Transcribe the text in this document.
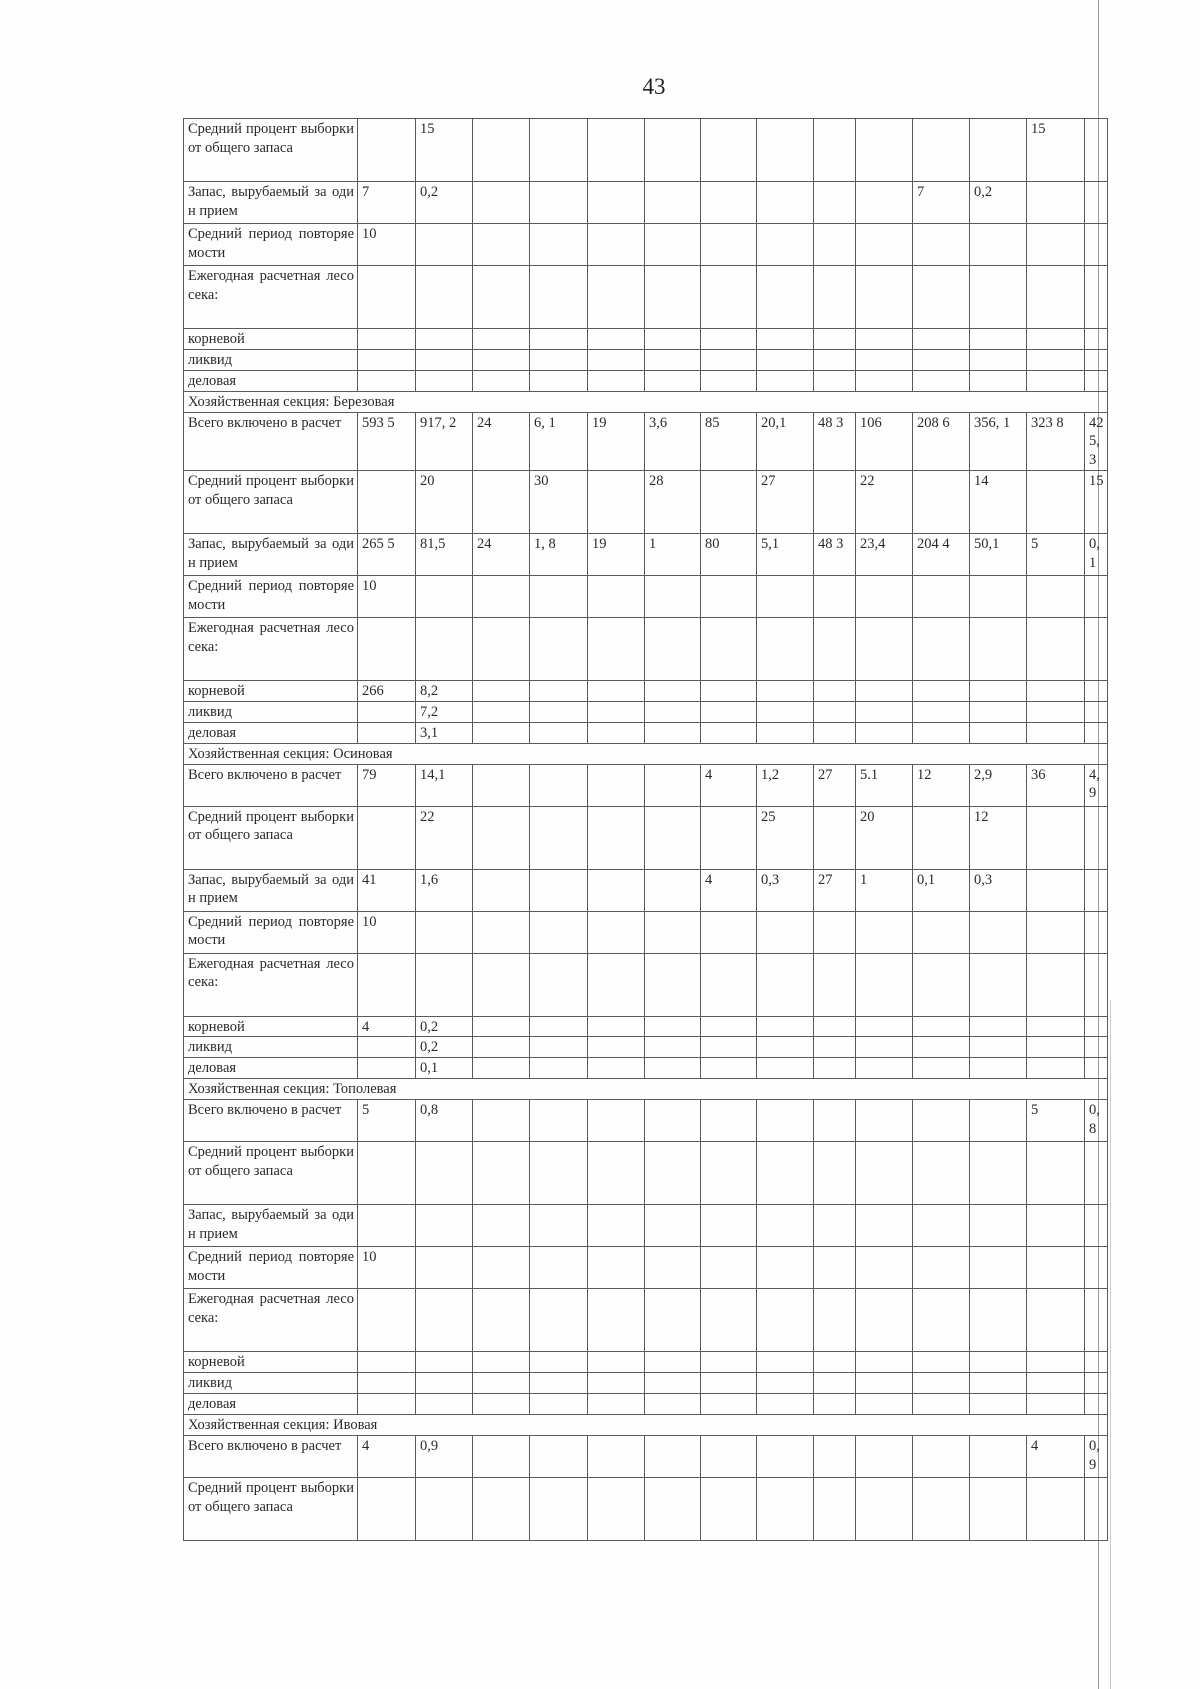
43
Средний процент выборки от общего запаса		15											15	
Запас, вырубаемый за один прием	7	0,2									7	0,2		
Средний период повторяемости	10													
Ежегодная расчетная лесосека:														
корневой														
ликвид														
деловая														
Хозяйственная секция: Березовая														
Всего включено в расчет	593 5	917, 2	24	6, 1	19	3,6	85	20,1	48 3	106	208 6	356, 1	323 8	425, 3
Средний процент выборки от общего запаса		20		30		28		27		22		14		15
Запас, вырубаемый за один прием	265 5	81,5	24	1, 8	19	1	80	5,1	48 3	23,4	204 4	50,1	5	0,1
Средний период повторяемости	10													
Ежегодная расчетная лесосека:														
корневой	266	8,2												
ликвид		7,2												
деловая		3,1												
Хозяйственная секция: Осиновая														
Всего включено в расчет	79	14,1					4	1,2	27	5.1	12	2,9	36	4,9
Средний процент выборки от общего запаса		22						25		20		12		
Запас, вырубаемый за один прием	41	1,6					4	0,3	27	1	0,1	0,3		
Средний период повторяемости	10													
Ежегодная расчетная лесосека:														
корневой	4	0,2												
ликвид		0,2												
деловая		0,1												
Хозяйственная секция: Тополевая														
Всего включено в расчет	5	0,8											5	0,8
Средний процент выборки от общего запаса														
Запас, вырубаемый за один прием														
Средний период повторяемости	10													
Ежегодная расчетная лесосека:														
корневой														
ликвид														
деловая														
Хозяйственная секция: Ивовая														
Всего включено в расчет	4	0,9											4	0,9
Средний процент выборки от общего запаса														
